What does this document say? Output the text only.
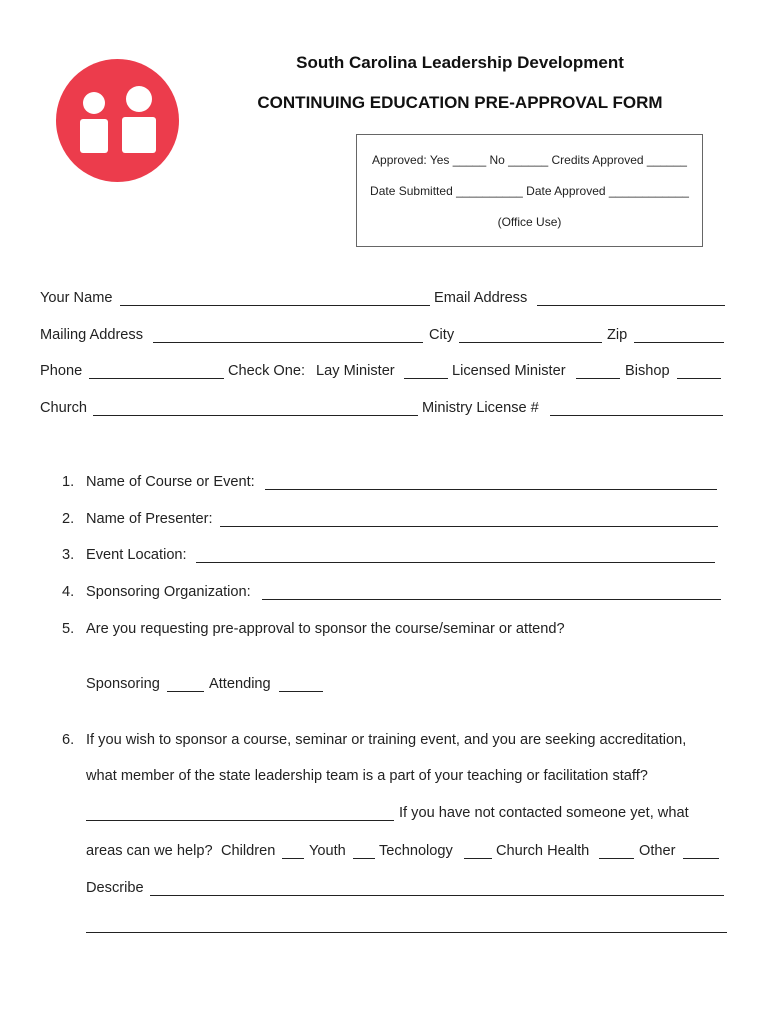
South Carolina Leadership Development
CONTINUING EDUCATION PRE-APPROVAL FORM
Approved: Yes _____ No ______ Credits Approved ______
Date Submitted __________ Date Approved ____________
(Office Use)
Your Name	Email Address
Mailing Address	City	Zip
Phone	Check One: Lay Minister	Licensed Minister	Bishop
Church	Ministry License #
1. Name of Course or Event:
2. Name of Presenter:
3. Event Location:
4. Sponsoring Organization:
5. Are you requesting pre-approval to sponsor the course/seminar or attend?
Sponsoring	Attending
6. If you wish to sponsor a course, seminar or training event, and you are seeking accreditation,
what member of the state leadership team is a part of your teaching or facilitation staff?
If you have not contacted someone yet, what
areas can we help? Children Youth Technology	Church Health	Other
Describe
